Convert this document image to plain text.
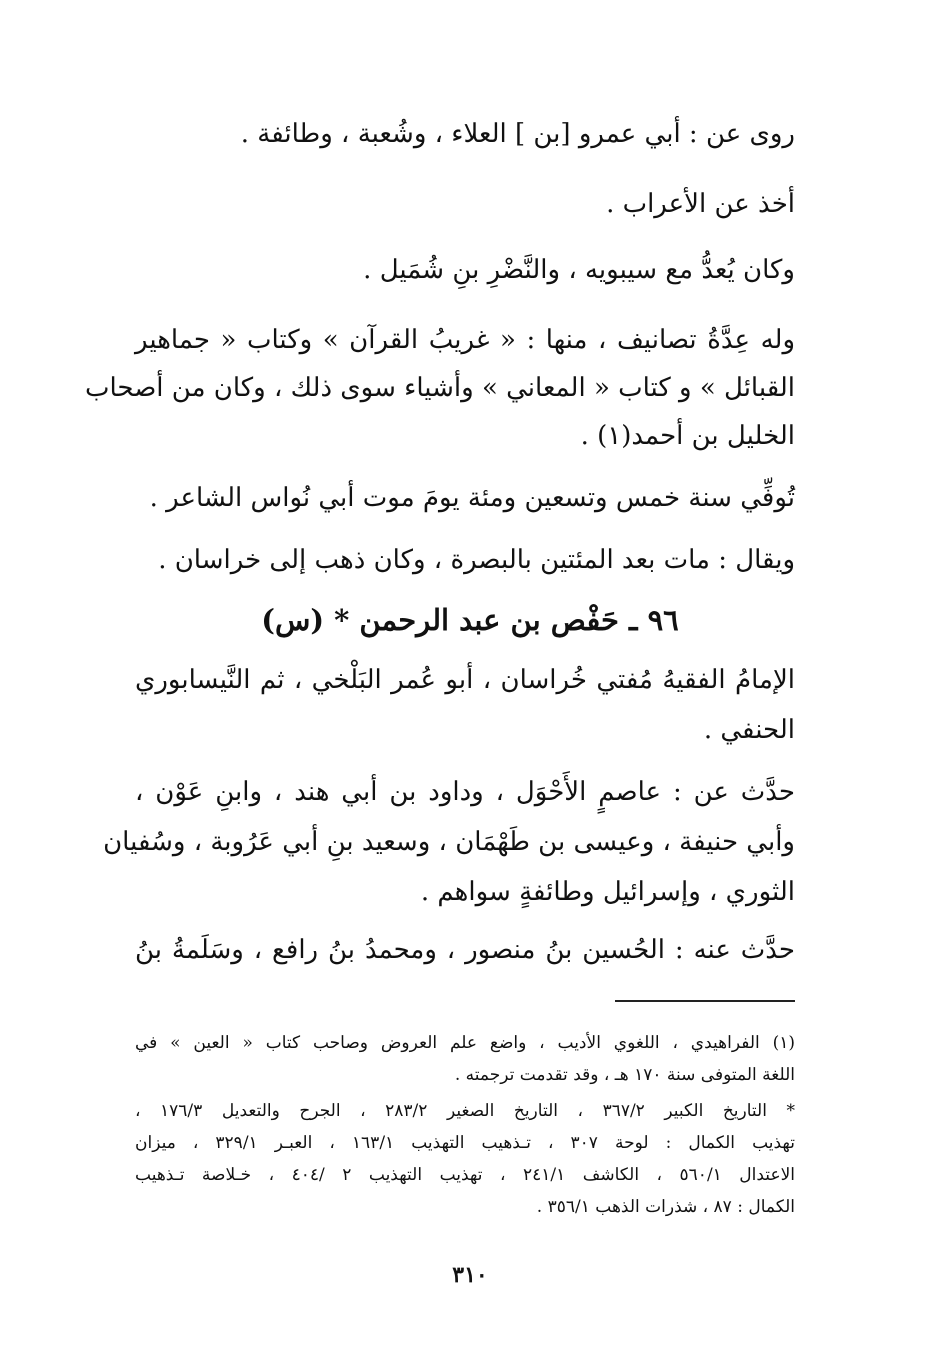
روى عن : أبي عمرو [بن ] العلاء ، وشُعبة ، وطائفة .
أخذ عن الأعراب .
وكان يُعدُّ مع سيبويه ، والنَّضْرِ بنِ شُمَيل .
وله عِدَّةُ تصانيف ، منها : « غريبُ القرآن » وكتاب « جماهير
القبائل » و كتاب « المعاني » وأشياء سوى ذلك ، وكان من أصحاب
الخليل بن أحمد(١) .
تُوفِّي سنة خمس وتسعين ومئة يومَ موت أبي نُواس الشاعر .
ويقال : مات بعد المئتين بالبصرة ، وكان ذهب إلى خراسان .
٩٦ ـ حَفْص بن عبد الرحمن * (س)
الإمامُ الفقيهُ مُفتي خُراسان ، أبو عُمر البَلْخي ، ثم النَّيسابوري
الحنفي .
حدَّث عن : عاصمٍ الأَحْوَل ، وداود بن أبي هند ، وابنِ عَوْن ،
وأبي حنيفة ، وعيسى بن طَهْمَان ، وسعيد بنِ أبي عَرُوبة ، وسُفيان
الثوري ، وإسرائيل وطائفةٍ سواهم .
حدَّث عنه : الحُسين بنُ منصور ، ومحمدُ بنُ رافع ، وسَلَمةُ بنُ
(١) الفراهيدي ، اللغوي الأديب ، واضع علم العروض وصاحب كتاب « العين » في
اللغة المتوفى سنة ١٧٠ هـ ، وقد تقدمت ترجمته .
* التاريخ الكبير ٣٦٧/٢ ، التاريخ الصغير ٢٨٣/٢ ، الجرح والتعديل ١٧٦/٣ ،
تهذيب الكمال : لوحة ٣٠٧ ، تـذهيب التهذيب ١٦٣/١ ، العبـر ٣٢٩/١ ، ميزان
الاعتدال ٥٦٠/١ ، الكاشف ٢٤١/١ ، تهذيب التهذيب ٢ /٤٠٤ ، خـلاصة تـذهيب
الكمال : ٨٧ ، شذرات الذهب ٣٥٦/١ .
٣١٠
